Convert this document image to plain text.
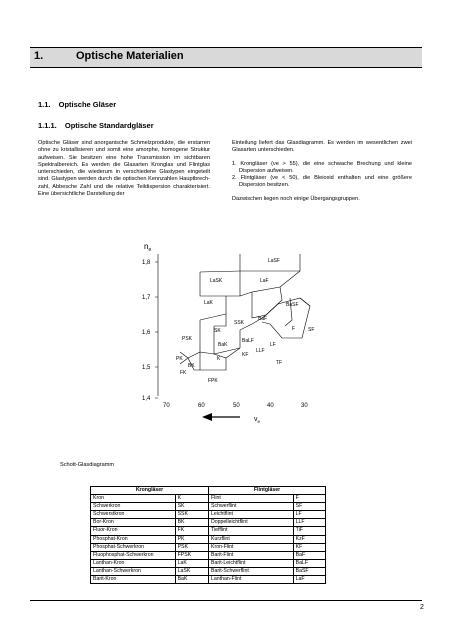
1.	Optische Materialien
1.1. Optische Gläser
1.1.1. Optische Standardgläser

Optische Gläser sind anorganische Schmelzprodukte, die erstarren ohne zu kristallisieren und somit eine amorphe, homogene Struktur aufweisen. Sie besitzen eine hohe Transmission im sichtbaren Spektralbereich. Es werden die Glasarten Kronglas und Flintglas unterschieden, die wiederum in verschiedene Glastypen eingeteilt sind. Glastypen werden durch die optischen Kennzahlen Hauptbrechzahl, Abbesche Zahl und die relative Teildispersion charakterisiert. Eine übersichtliche Darstellung der

Einteilung liefert das Glasdiagramm. Es werden im wesentlichen zwei Glasarten unterschieden.

1. Krongläser (νe > 55), die eine schwache Brechung und kleine Dispersion aufweisen.
2. Flintgläser (νe < 50), die Bleioxid enthalten und eine größere Dispersion besitzen.

Dazwischen liegen noch einige Übergangsgruppen.

$n_e$
1,8
1,7
1,6
1,5
1,4
70	60	50	40	30
LaSF
LaSK	LaF
LaK	BaSF
SSK
BaF
SK	F	SF
PSK
BaK
BaLF
LLF
KF
LF
PK	K
BK	TF
FK
FPK
$\nu_e$
Schott-Glasdiagramm
Krongläser		Flintgläser	
Kron	K	Flint	F
Schwerkron	SK	Schwerflint	SF
Schwerstkron	SSK	Leichtflint	LF
Bor-Kron	BK	Doppelleichtflint	LLF
Fluor-Kron	FK	Tiefflint	TiF
Phosphat-Kron	PK	Kurzflint	KzF
Phosphat-Schwerkron	PSK	Kron-Flint	KF
Fluophosphat-Schwerkron	FPSK	Barit-Flint	BaF
Lanthan-Kron	LaK	Barit-Leichtflint	BaLF
Lanthan-Schwerkron	LaSK	Barit-Schwerflint	BaSF
Barit-Kron	BaK	Lanthan-Flint	LaF
2
